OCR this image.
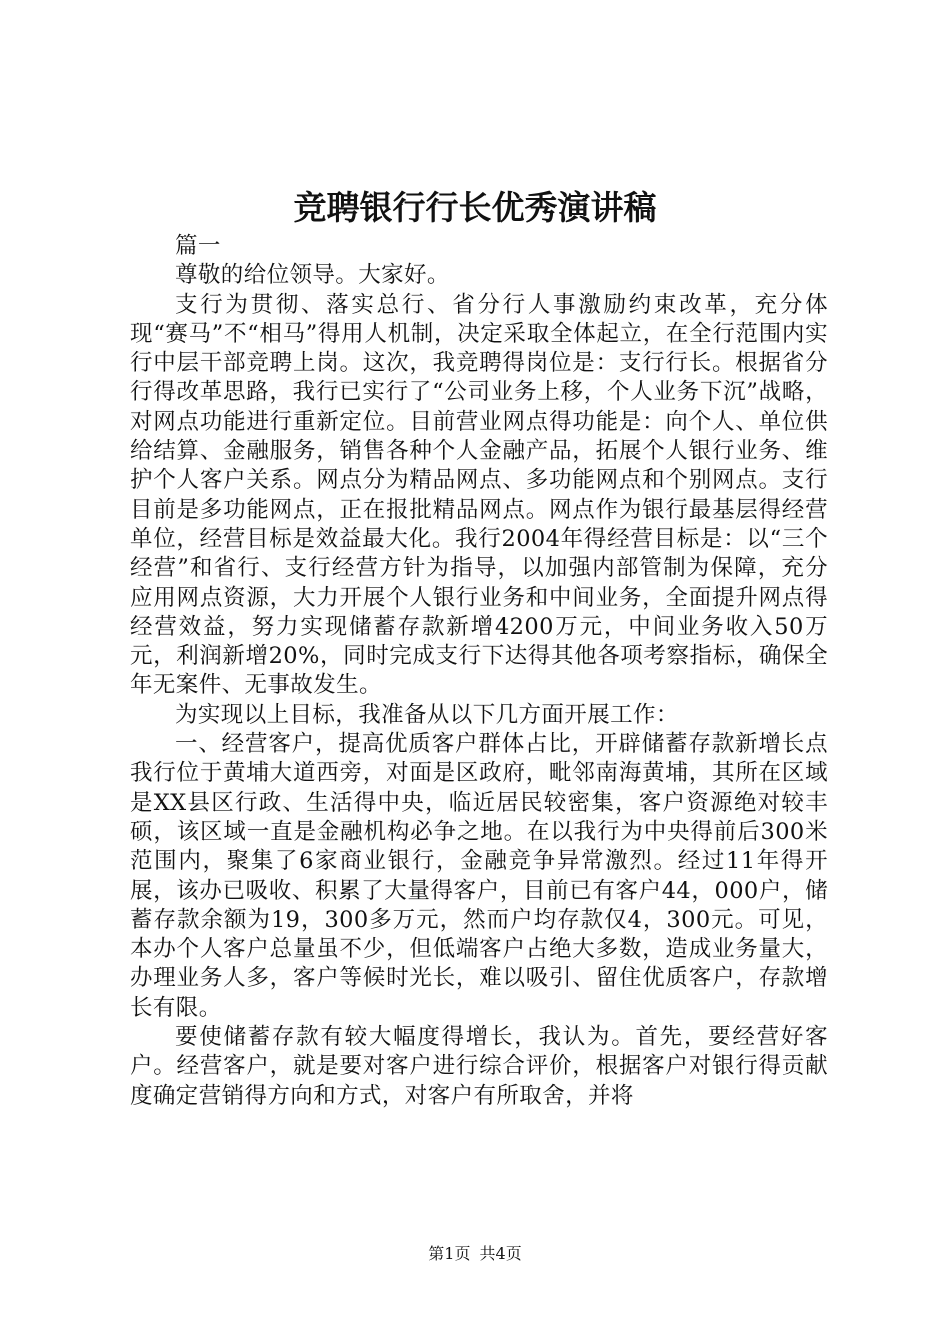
竞聘银行行长优秀演讲稿

篇一

尊敬的给位领导。大家好。

支行为贯彻、落实总行、省分行人事激励约束改革，充分体现“赛马”不“相马”得用人机制，决定采取全体起立，在全行范围内实行中层干部竞聘上岗。这次，我竞聘得岗位是：支行行长。根据省分行得改革思路，我行已实行了“公司业务上移，个人业务下沉”战略，对网点功能进行重新定位。目前营业网点得功能是：向个人、单位供给结算、金融服务，销售各种个人金融产品，拓展个人银行业务、维护个人客户关系。网点分为精品网点、多功能网点和个别网点。支行目前是多功能网点，正在报批精品网点。网点作为银行最基层得经营单位，经营目标是效益最大化。我行2004年得经营目标是：以“三个经营”和省行、支行经营方针为指导，以加强内部管制为保障，充分应用网点资源，大力开展个人银行业务和中间业务，全面提升网点得经营效益，努力实现储蓄存款新增4200万元，中间业务收入50万元，利润新增20%，同时完成支行下达得其他各项考察指标，确保全年无案件、无事故发生。

为实现以上目标，我准备从以下几方面开展工作：

一、经营客户，提高优质客户群体占比，开辟储蓄存款新增长点我行位于黄埔大道西旁，对面是区政府，毗邻南海黄埔，其所在区域是XX县区行政、生活得中央，临近居民较密集，客户资源绝对较丰硕，该区域一直是金融机构必争之地。在以我行为中央得前后300米范围内，聚集了6家商业银行，金融竞争异常激烈。经过11年得开展，该办已吸收、积累了大量得客户，目前已有客户44，000户，储蓄存款余额为19，300多万元，然而户均存款仅4，300元。可见，本办个人客户总量虽不少，但低端客户占绝大多数，造成业务量大，办理业务人多，客户等候时光长，难以吸引、留住优质客户，存款增长有限。

要使储蓄存款有较大幅度得增长，我认为。首先，要经营好客户。经营客户，就是要对客户进行综合评价，根据客户对银行得贡献度确定营销得方向和方式，对客户有所取舍，并将

第1页 共4页
